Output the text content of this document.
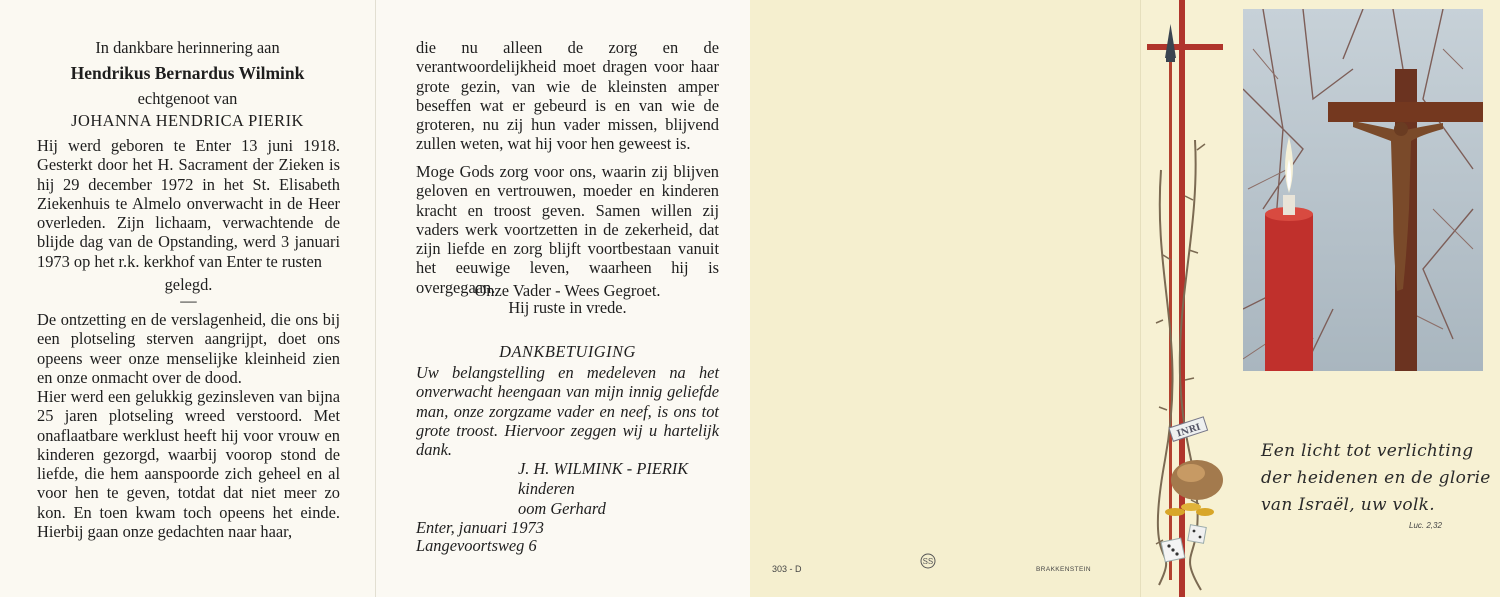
In dankbare herinnering aan
Hendrikus Bernardus Wilmink
echtgenoot van
JOHANNA HENDRICA PIERIK

Hij werd geboren te Enter 13 juni 1918. Gesterkt door het H. Sacrament der Zieken is hij 29 december 1972 in het St. Elisabeth Ziekenhuis te Almelo onverwacht in de Heer overleden. Zijn lichaam, verwachtende de blijde dag van de Opstanding, werd 3 januari 1973 op het r.k. kerkhof van Enter te rusten

gelegd.
—

De ontzetting en de verslagenheid, die ons bij een plotseling sterven aangrijpt, doet ons opeens weer onze menselijke kleinheid zien en onze onmacht over de dood.

Hier werd een gelukkig gezinsleven van bijna 25 jaren plotseling wreed verstoord. Met onaflaatbare werklust heeft hij voor vrouw en kinderen gezorgd, waarbij voorop stond de liefde, die hem aanspoorde zich geheel en al voor hen te geven, totdat dat niet meer zo kon. En toen kwam toch opeens het einde. Hierbij gaan onze gedachten naar haar,

die nu alleen de zorg en de verantwoordelijkheid moet dragen voor haar grote gezin, van wie de kleinsten amper beseffen wat er gebeurd is en van wie de groteren, nu zij hun vader missen, blijvend zullen weten, wat hij voor hen geweest is.

Moge Gods zorg voor ons, waarin zij blijven geloven en vertrouwen, moeder en kinderen kracht en troost geven. Samen willen zij vaders werk voortzetten in de zekerheid, dat zijn liefde en zorg blijft voortbestaan vanuit het eeuwige leven, waarheen hij is overgegaan.

Onze Vader - Wees Gegroet.
Hij ruste in vrede.
DANKBETUIGING

Uw belangstelling en medeleven na het onverwacht heengaan van mijn innig geliefde man, onze zorgzame vader en neef, is ons tot grote troost. Hiervoor zeggen wij u hartelijk dank.

J. H. WILMINK - PIERIK
kinderen
oom Gerhard
Enter, januari 1973
Langevoortsweg 6
303 - D
SS
BRAKKENSTEIN
INRI
Een licht tot verlichting
der heidenen en de glorie
van Israël, uw volk.
Luc. 2,32
